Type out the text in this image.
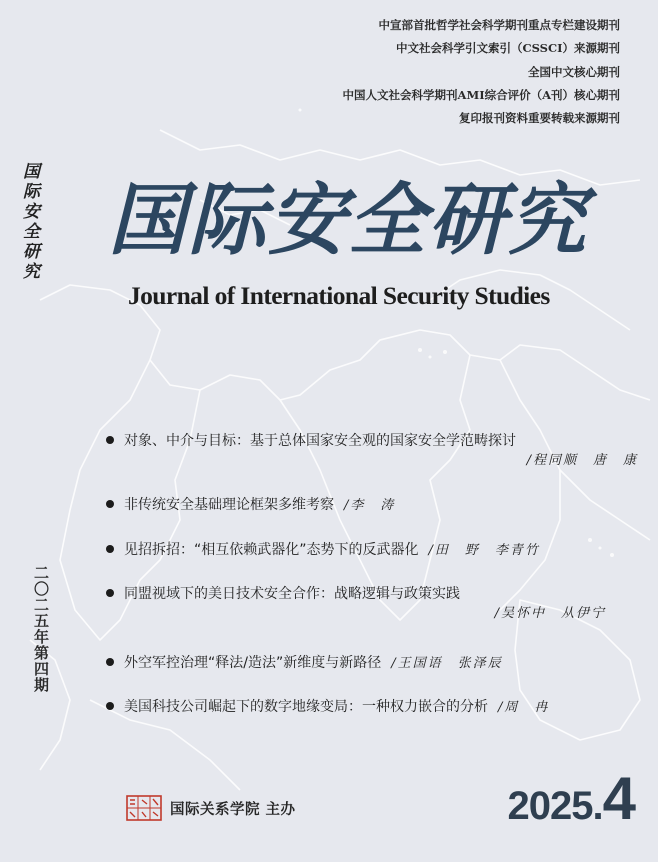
中宣部首批哲学社会科学期刊重点专栏建设期刊
中文社会科学引文索引（CSSCI）来源期刊
全国中文核心期刊
中国人文社会科学期刊AMI综合评价（A刊）核心期刊
复印报刊资料重要转载来源期刊
国际安全研究 国际安全研究
Journal of International Security Studies
对象、中介与目标：基于总体国家安全观的国家安全学范畴探讨
/程同顺　唐　康
非传统安全基础理论框架多维考察 /李　涛
见招拆招：“相互依赖武器化”态势下的反武器化 /田　野　李青竹
同盟视域下的美日技术安全合作：战略逻辑与政策实践
/吴怀中　从伊宁
外空军控治理“释法/造法”新维度与新路径 /王国语　张泽辰
美国科技公司崛起下的数字地缘变局：一种权力嵌合的分析 /周　冉
二〇二五年第四期
国际关系学院 主办	2025.4
